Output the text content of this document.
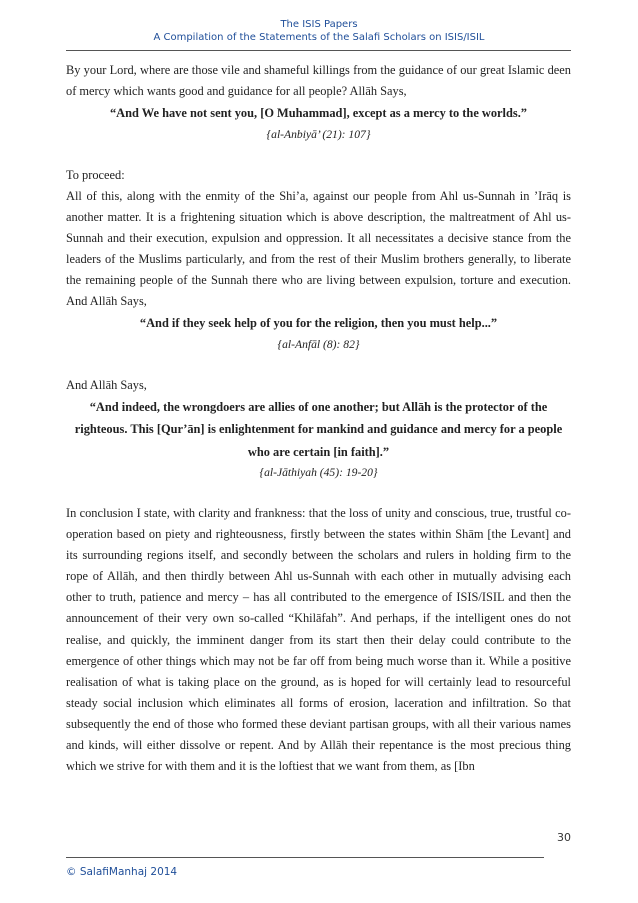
The ISIS Papers
A Compilation of the Statements of the Salafi Scholars on ISIS/ISIL

By your Lord, where are those vile and shameful killings from the guidance of our great Islamic deen of mercy which wants good and guidance for all people? Allāh Says,

“And We have not sent you, [O Muhammad], except as a mercy to the worlds.”

{al-Anbiyā’ (21): 107}

To proceed:

All of this, along with the enmity of the Shi’a, against our people from Ahl us-Sunnah in ’Irāq is another matter. It is a frightening situation which is above description, the maltreatment of Ahl us-Sunnah and their execution, expulsion and oppression. It all necessitates a decisive stance from the leaders of the Muslims particularly, and from the rest of their Muslim brothers generally, to liberate the remaining people of the Sunnah there who are living between expulsion, torture and execution. And Allāh Says,

“And if they seek help of you for the religion, then you must help...”

{al-Anfāl (8): 82}

And Allāh Says,

“And indeed, the wrongdoers are allies of one another; but Allāh is the protector of the righteous. This [Qur’ān] is enlightenment for mankind and guidance and mercy for a people who are certain [in faith].”

{al-Jāthiyah (45): 19-20}

In conclusion I state, with clarity and frankness: that the loss of unity and conscious, true, trustful co-operation based on piety and righteousness, firstly between the states within Shām [the Levant] and its surrounding regions itself, and secondly between the scholars and rulers in holding firm to the rope of Allāh, and then thirdly between Ahl us-Sunnah with each other in mutually advising each other to truth, patience and mercy – has all contributed to the emergence of ISIS/ISIL and then the announcement of their very own so-called “Khilāfah”. And perhaps, if the intelligent ones do not realise, and quickly, the imminent danger from its start then their delay could contribute to the emergence of other things which may not be far off from being much worse than it. While a positive realisation of what is taking place on the ground, as is hoped for will certainly lead to resourceful steady social inclusion which eliminates all forms of erosion, laceration and infiltration. So that subsequently the end of those who formed these deviant partisan groups, with all their various names and kinds, will either dissolve or repent. And by Allāh their repentance is the most precious thing which we strive for with them and it is the loftiest that we want from them, as [Ibn

30
© SalafiManhaj 2014
